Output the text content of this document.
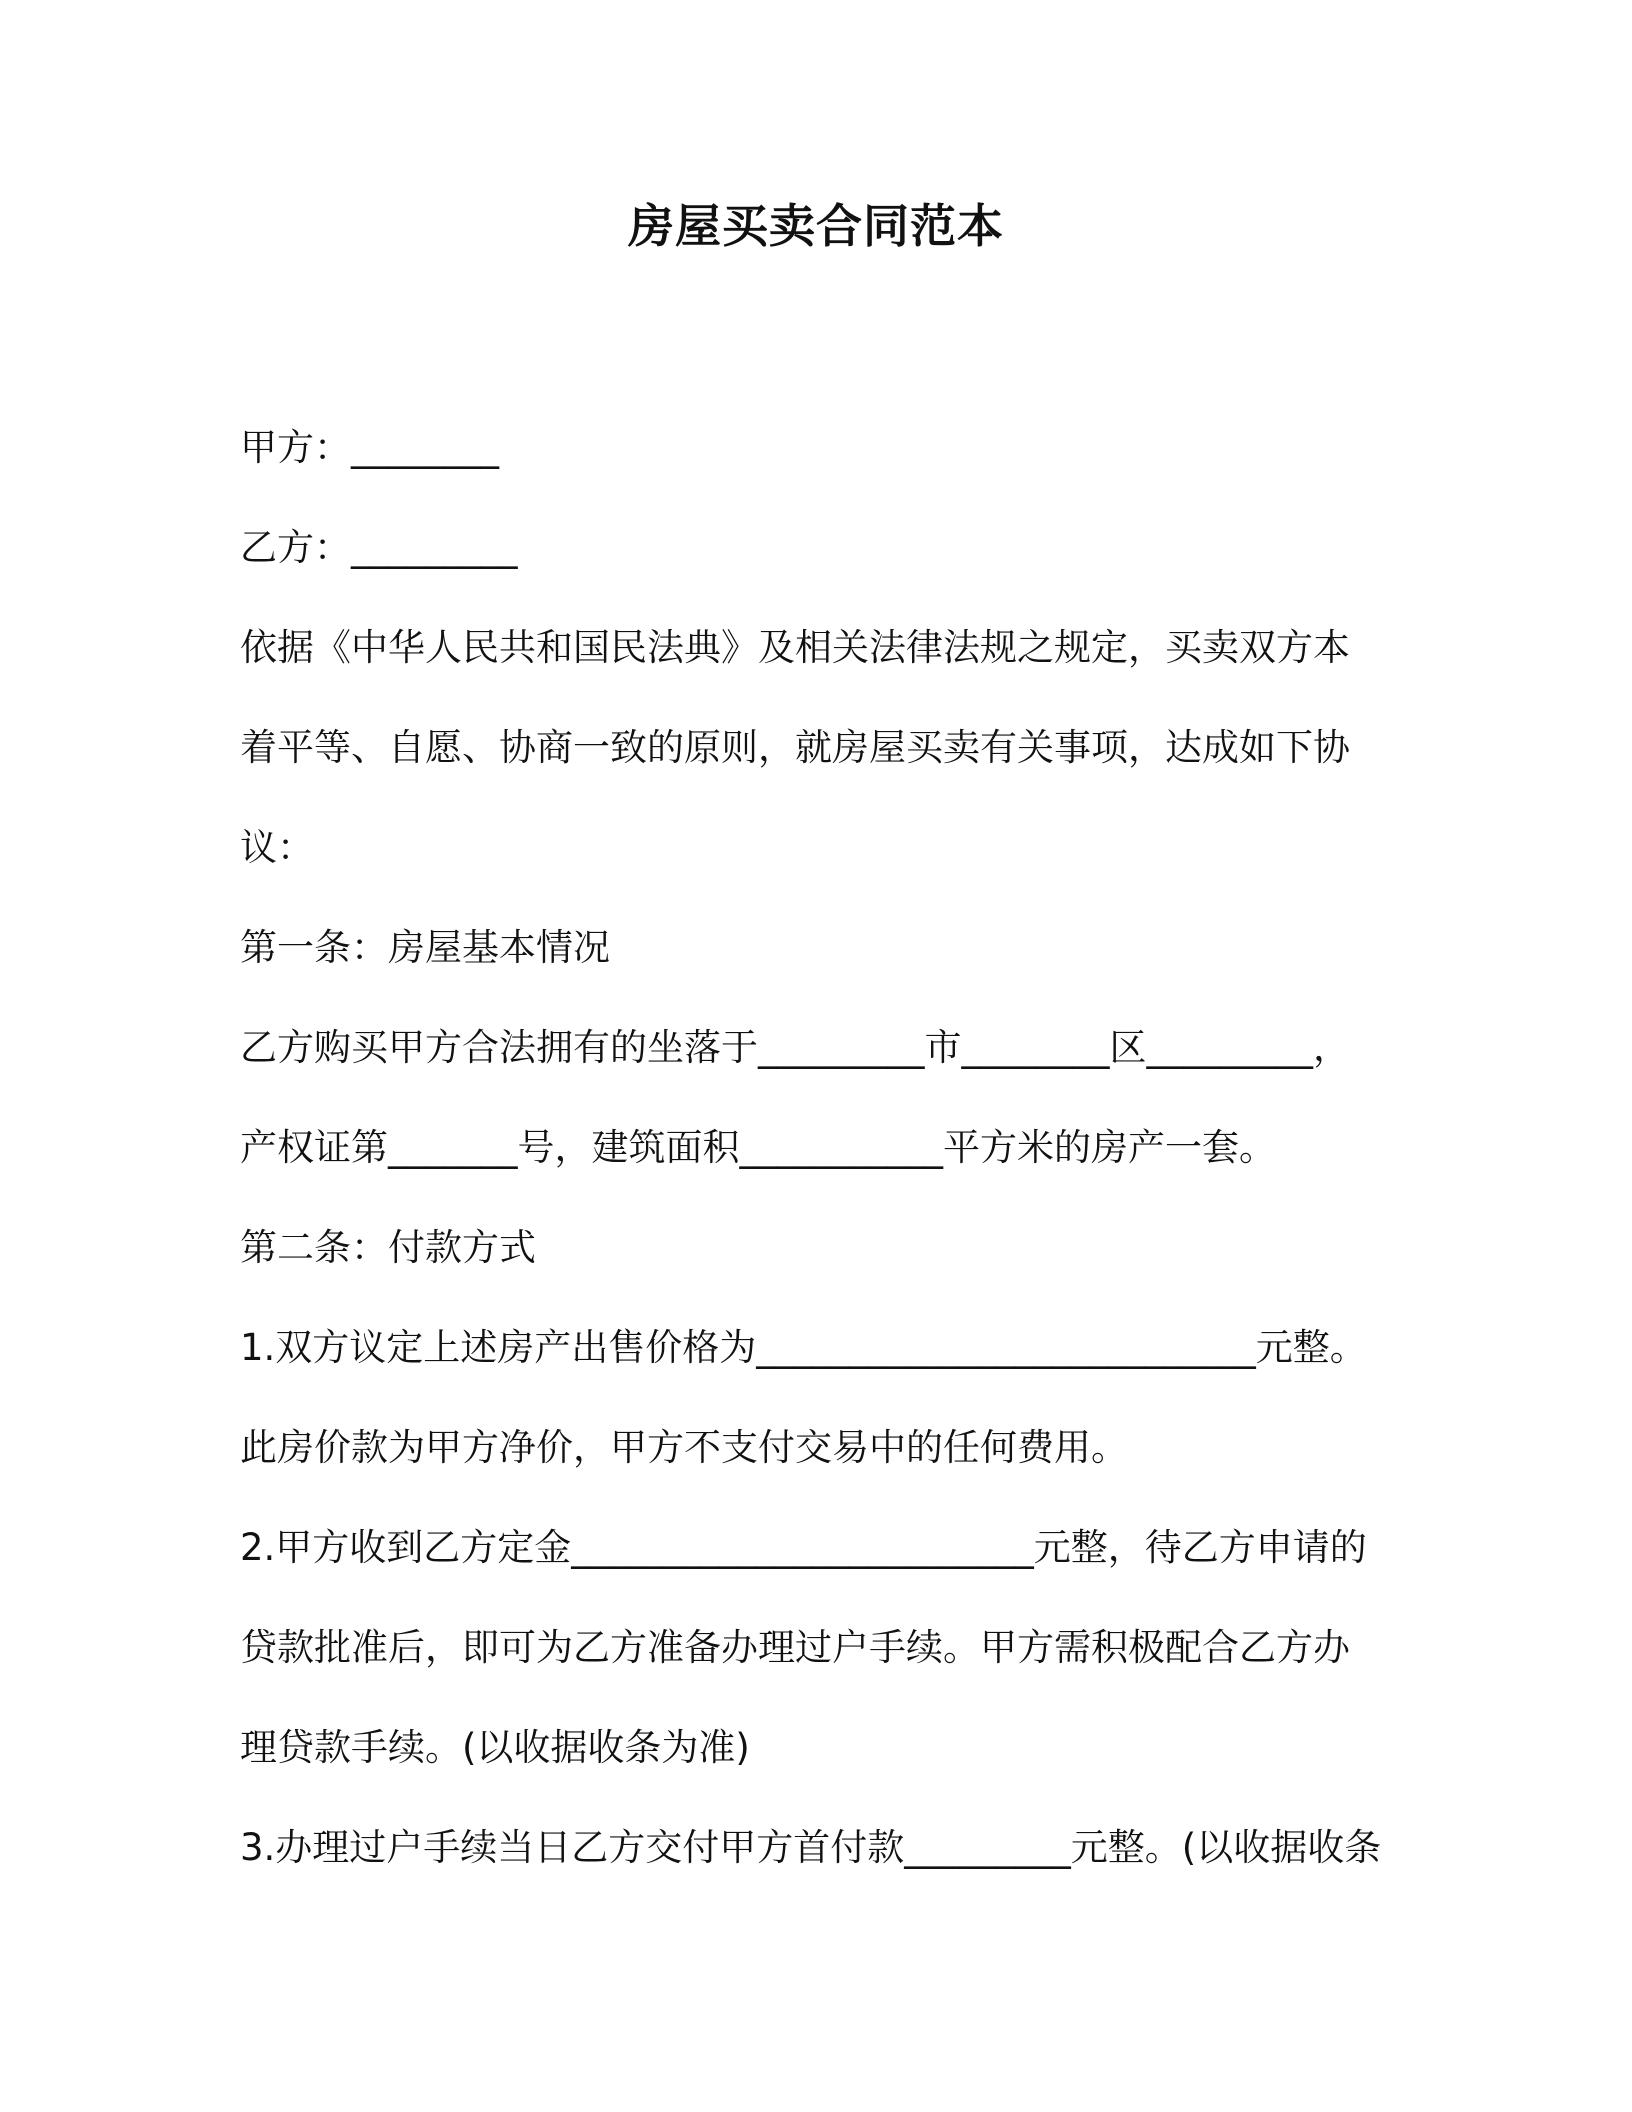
房屋买卖合同范本
甲方：________
乙方：_________
依据《中华人民共和国民法典》及相关法律法规之规定，买卖双方本
着平等、自愿、协商一致的原则，就房屋买卖有关事项，达成如下协
议：
第一条：房屋基本情况
乙方购买甲方合法拥有的坐落于_________市________区_________，
产权证第_______号，建筑面积___________平方米的房产一套。
第二条：付款方式
1.双方议定上述房产出售价格为___________________________元整。
此房价款为甲方净价，甲方不支付交易中的任何费用。
2.甲方收到乙方定金_________________________元整，待乙方申请的
贷款批准后，即可为乙方准备办理过户手续。甲方需积极配合乙方办
理贷款手续。(以收据收条为准)
3.办理过户手续当日乙方交付甲方首付款_________元整。(以收据收条
